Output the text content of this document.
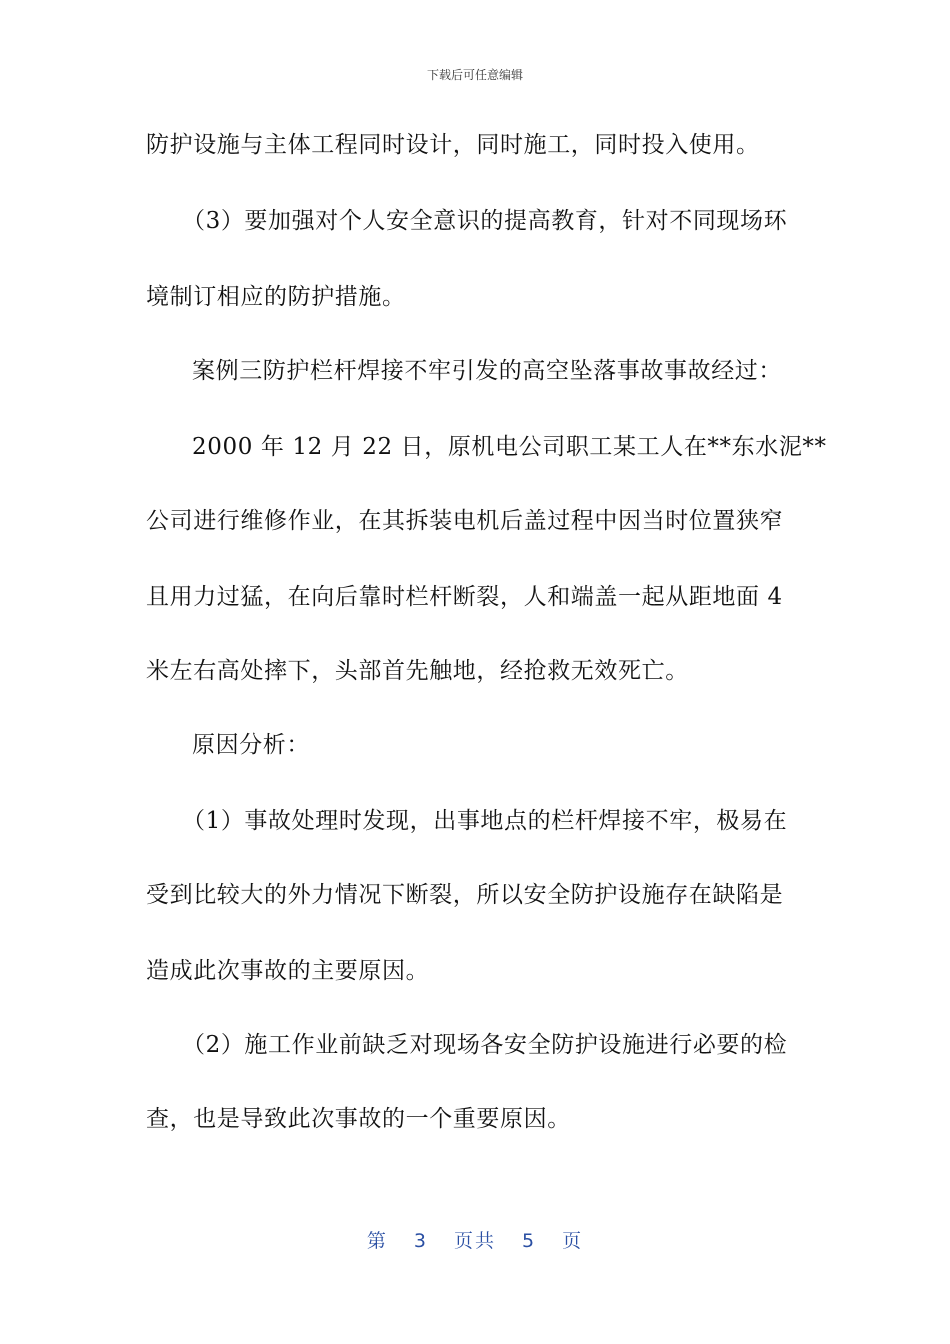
下载后可任意编辑
防护设施与主体工程同时设计，同时施工，同时投入使用。
（3）要加强对个人安全意识的提高教育，针对不同现场环
境制订相应的防护措施。
案例三防护栏杆焊接不牢引发的高空坠落事故事故经过：
2000 年 12 月 22 日，原机电公司职工某工人在**东水泥**
公司进行维修作业，在其拆装电机后盖过程中因当时位置狭窄
且用力过猛，在向后靠时栏杆断裂，人和端盖一起从距地面 4
米左右高处摔下，头部首先触地，经抢救无效死亡。
原因分析：
（1）事故处理时发现，出事地点的栏杆焊接不牢，极易在
受到比较大的外力情况下断裂，所以安全防护设施存在缺陷是
造成此次事故的主要原因。
（2）施工作业前缺乏对现场各安全防护设施进行必要的检
查，也是导致此次事故的一个重要原因。
第 3 页共 5 页
